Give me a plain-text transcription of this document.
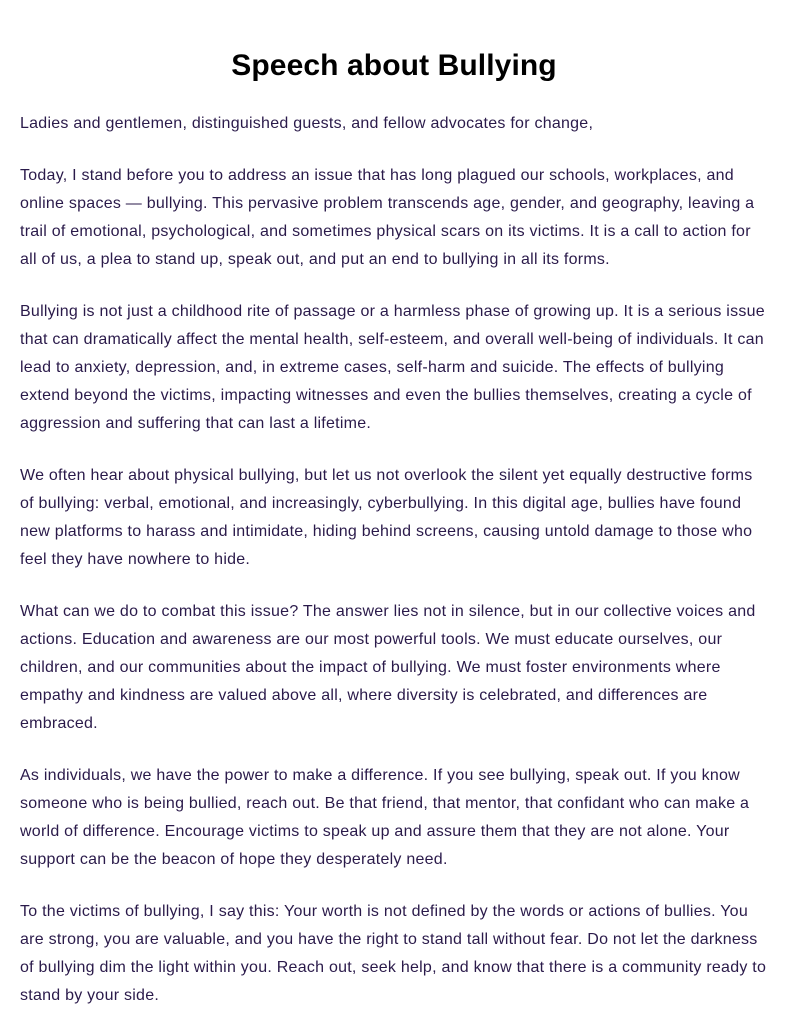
Speech about Bullying

Ladies and gentlemen, distinguished guests, and fellow advocates for change,

Today, I stand before you to address an issue that has long plagued our schools, workplaces, and online spaces — bullying. This pervasive problem transcends age, gender, and geography, leaving a trail of emotional, psychological, and sometimes physical scars on its victims. It is a call to action for all of us, a plea to stand up, speak out, and put an end to bullying in all its forms.

Bullying is not just a childhood rite of passage or a harmless phase of growing up. It is a serious issue that can dramatically affect the mental health, self-esteem, and overall well-being of individuals. It can lead to anxiety, depression, and, in extreme cases, self-harm and suicide. The effects of bullying extend beyond the victims, impacting witnesses and even the bullies themselves, creating a cycle of aggression and suffering that can last a lifetime.

We often hear about physical bullying, but let us not overlook the silent yet equally destructive forms of bullying: verbal, emotional, and increasingly, cyberbullying. In this digital age, bullies have found new platforms to harass and intimidate, hiding behind screens, causing untold damage to those who feel they have nowhere to hide.

What can we do to combat this issue? The answer lies not in silence, but in our collective voices and actions. Education and awareness are our most powerful tools. We must educate ourselves, our children, and our communities about the impact of bullying. We must foster environments where empathy and kindness are valued above all, where diversity is celebrated, and differences are embraced.

As individuals, we have the power to make a difference. If you see bullying, speak out. If you know someone who is being bullied, reach out. Be that friend, that mentor, that confidant who can make a world of difference. Encourage victims to speak up and assure them that they are not alone. Your support can be the beacon of hope they desperately need.

To the victims of bullying, I say this: Your worth is not defined by the words or actions of bullies. You are strong, you are valuable, and you have the right to stand tall without fear. Do not let the darkness of bullying dim the light within you. Reach out, seek help, and know that there is a community ready to stand by your side.
